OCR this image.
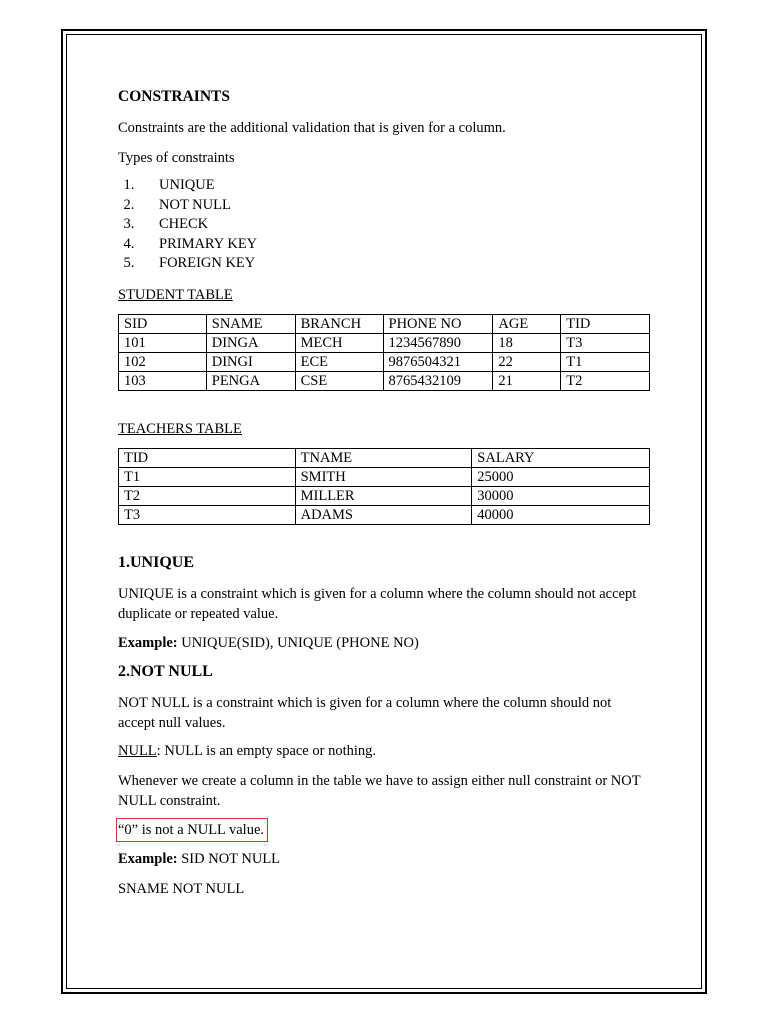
CONSTRAINTS

Constraints are the additional validation that is given for a column.

Types of constraints

1. UNIQUE
2. NOT NULL
3. CHECK
4. PRIMARY KEY
5. FOREIGN KEY

STUDENT TABLE

SID	SNAME	BRANCH	PHONE NO	AGE	TID
101	DINGA	MECH	1234567890	18	T3
102	DINGI	ECE	9876504321	22	T1
103	PENGA	CSE	8765432109	21	T2

TEACHERS TABLE

TID	TNAME	SALARY
T1	SMITH	25000
T2	MILLER	30000
T3	ADAMS	40000
1.UNIQUE

UNIQUE is a constraint which is given for a column where the column should not accept duplicate or repeated value.

Example: UNIQUE(SID), UNIQUE (PHONE NO)

2.NOT NULL

NOT NULL is a constraint which is given for a column where the column should not accept null values.

NULL: NULL is an empty space or nothing.

Whenever we create a column in the table we have to assign either null constraint or NOT NULL constraint.

“0” is not a NULL value.

Example: SID NOT NULL

SNAME NOT NULL
